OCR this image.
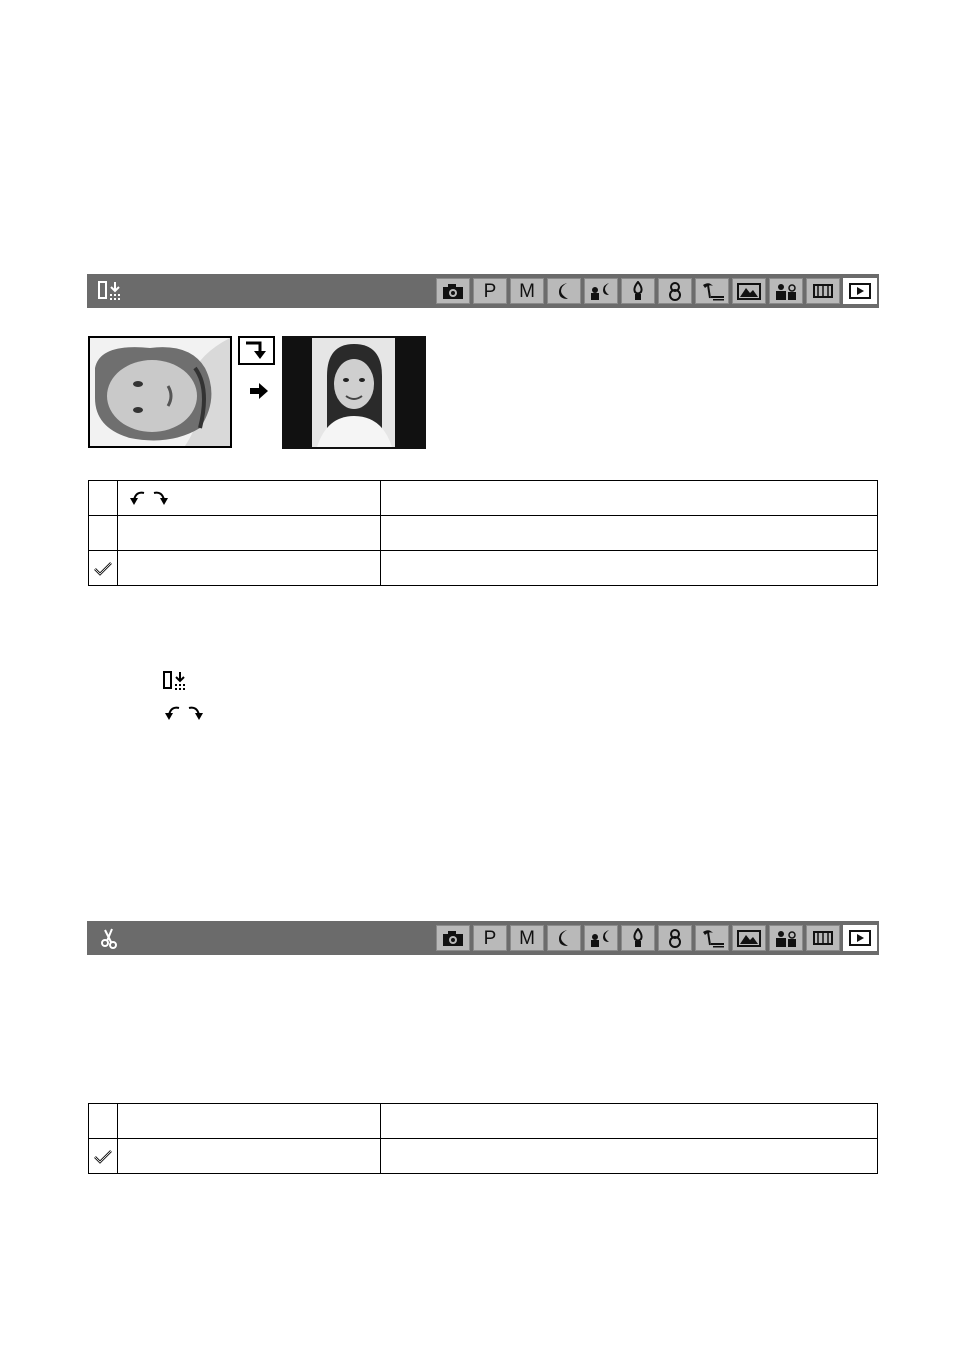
P M

P M
